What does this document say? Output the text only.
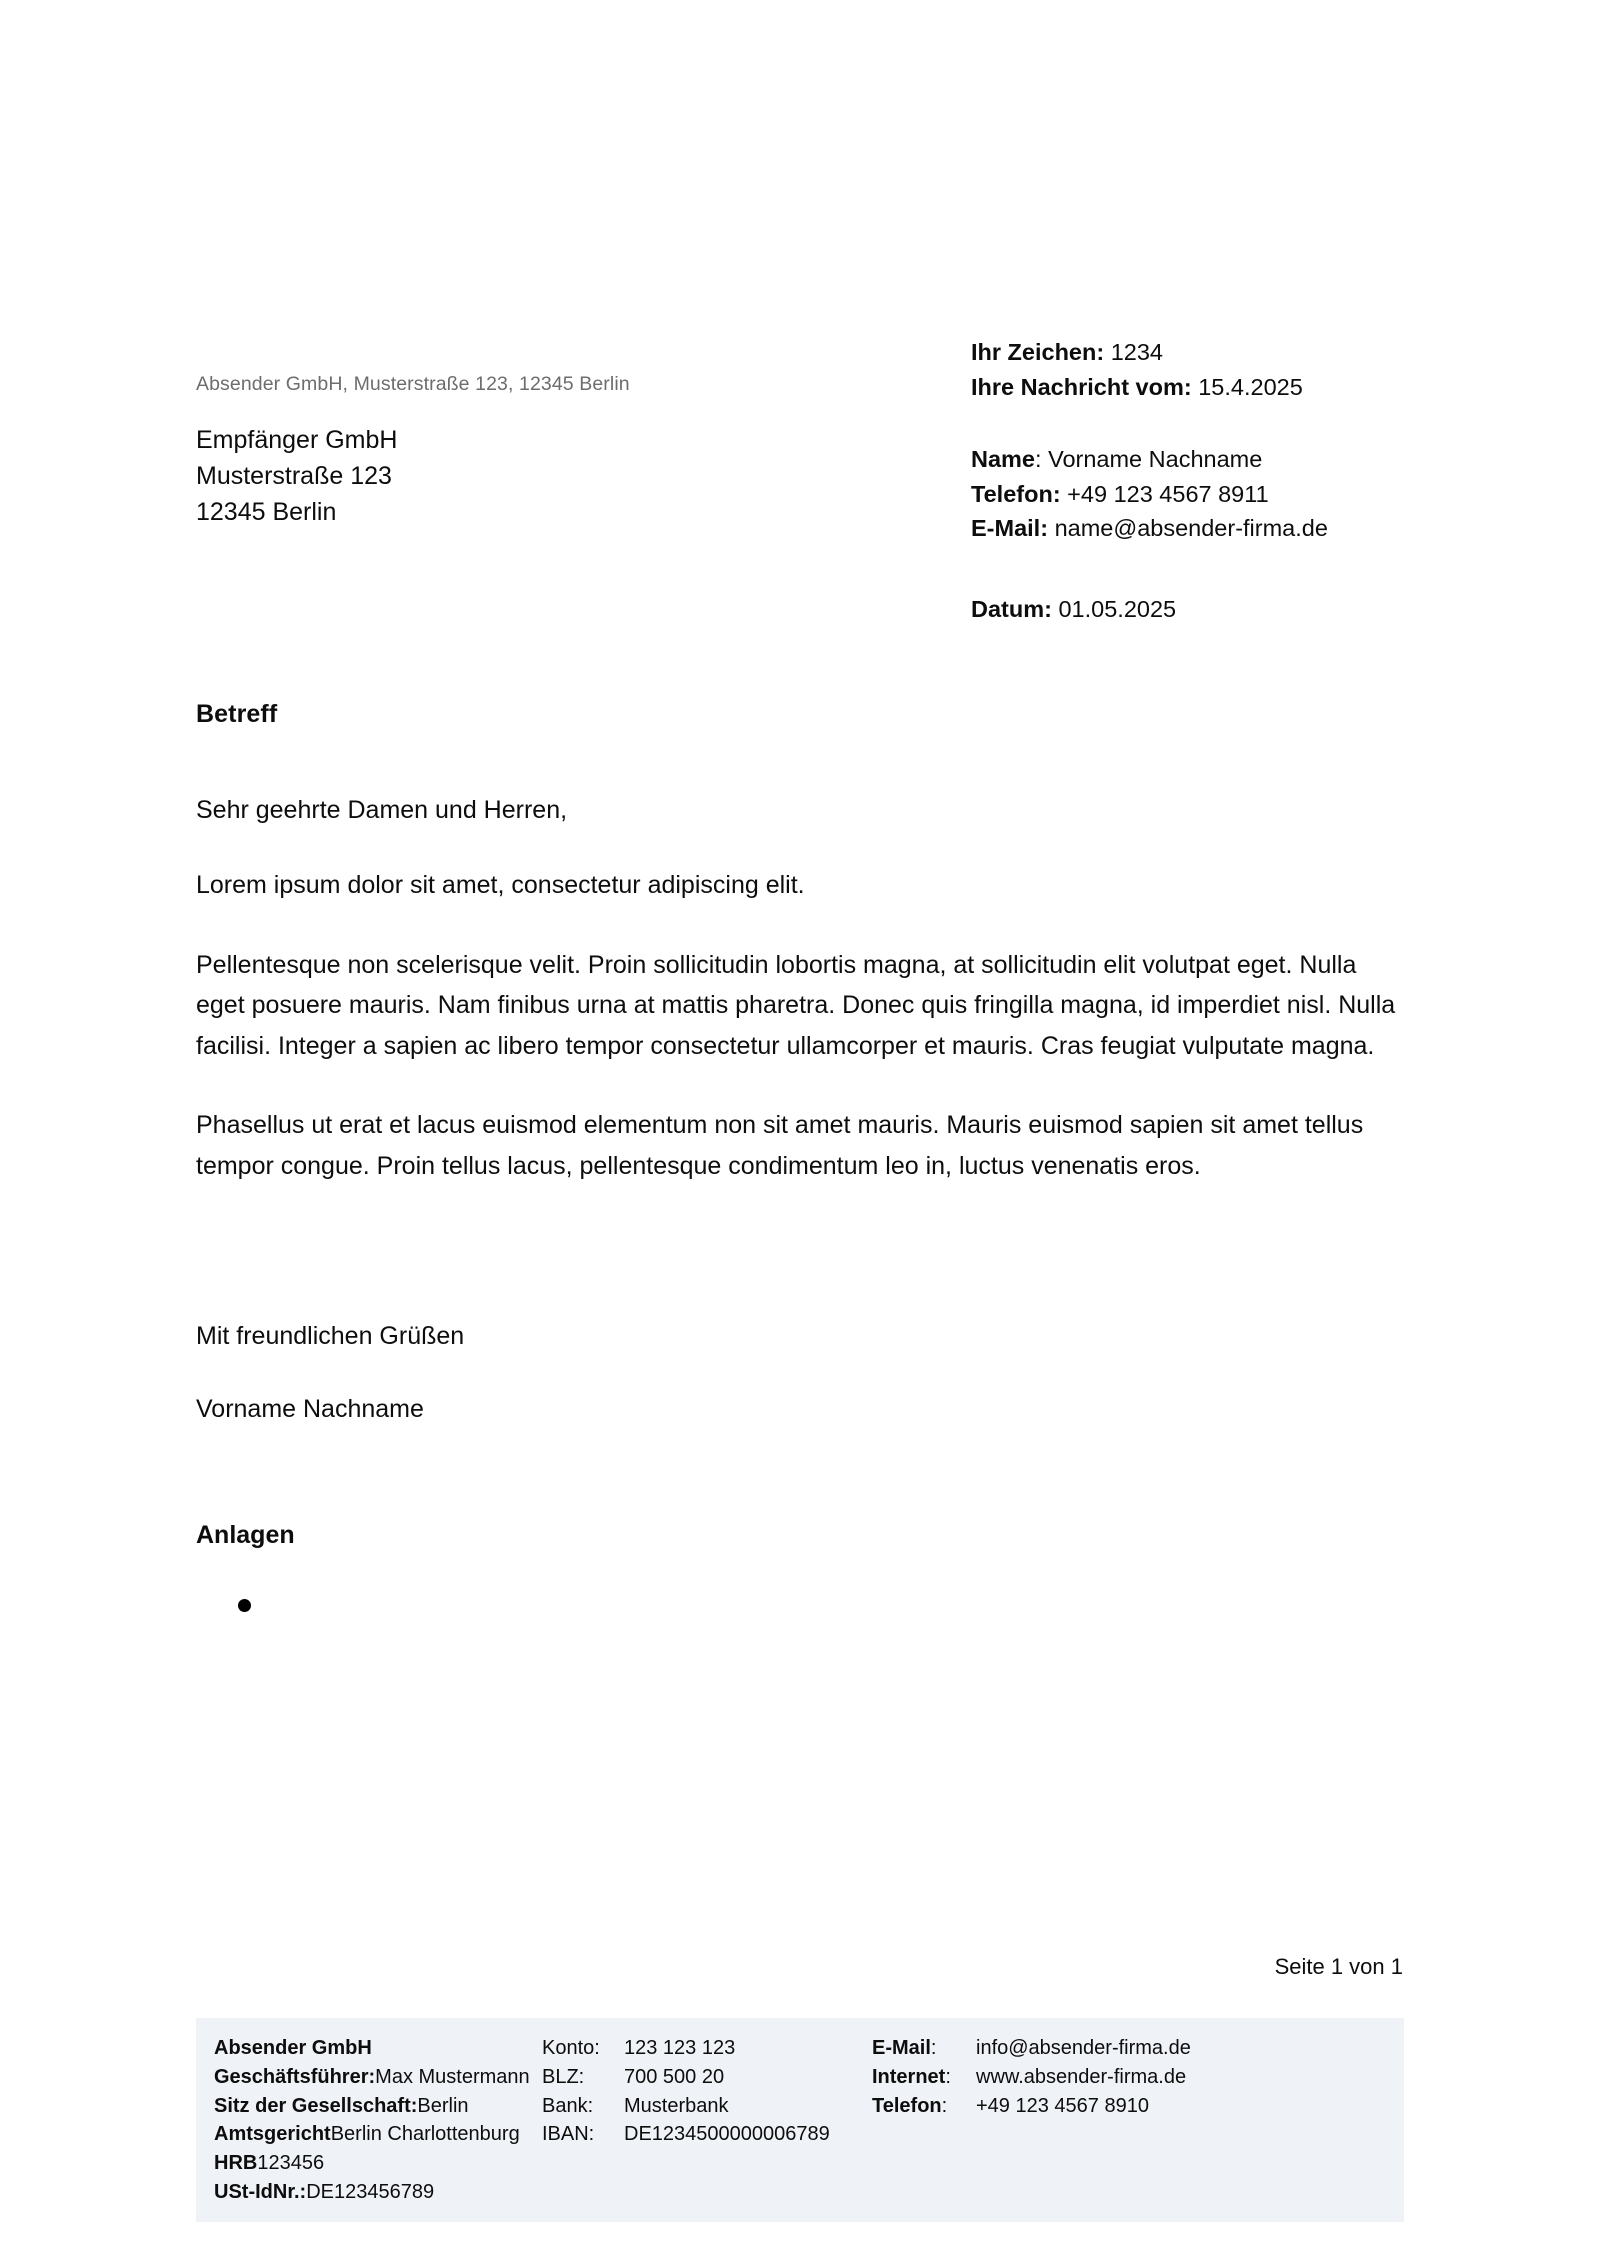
Absender GmbH, Musterstraße 123, 12345 Berlin
Empfänger GmbH
Musterstraße 123
12345 Berlin
Ihr Zeichen: 1234
Ihre Nachricht vom: 15.4.2025
Name: Vorname Nachname
Telefon: +49 123 4567 8911
E-Mail: name@absender-firma.de
Datum: 01.05.2025
Betreff
Sehr geehrte Damen und Herren,
Lorem ipsum dolor sit amet, consectetur adipiscing elit.
Pellentesque non scelerisque velit. Proin sollicitudin lobortis magna, at sollicitudin elit volutpat eget. Nulla eget posuere mauris. Nam finibus urna at mattis pharetra. Donec quis fringilla magna, id imperdiet nisl. Nulla facilisi. Integer a sapien ac libero tempor consectetur ullamcorper et mauris. Cras feugiat vulputate magna.
Phasellus ut erat et lacus euismod elementum non sit amet mauris. Mauris euismod sapien sit amet tellus tempor congue. Proin tellus lacus, pellentesque condimentum leo in, luctus venenatis eros.
Mit freundlichen Grüßen
Vorname Nachname
Anlagen
Seite 1 von 1
Absender GmbH
Geschäftsführer: Max Mustermann
Sitz der Gesellschaft: Berlin
Amtsgericht Berlin Charlottenburg
HRB 123456
USt-IdNr.: DE123456789
Konto:	123 123 123
BLZ:	700 500 20
Bank:	Musterbank
IBAN:	DE1234500000006789
E-Mail:	info@absender-firma.de
Internet:	www.absender-firma.de
Telefon:	+49 123 4567 8910
